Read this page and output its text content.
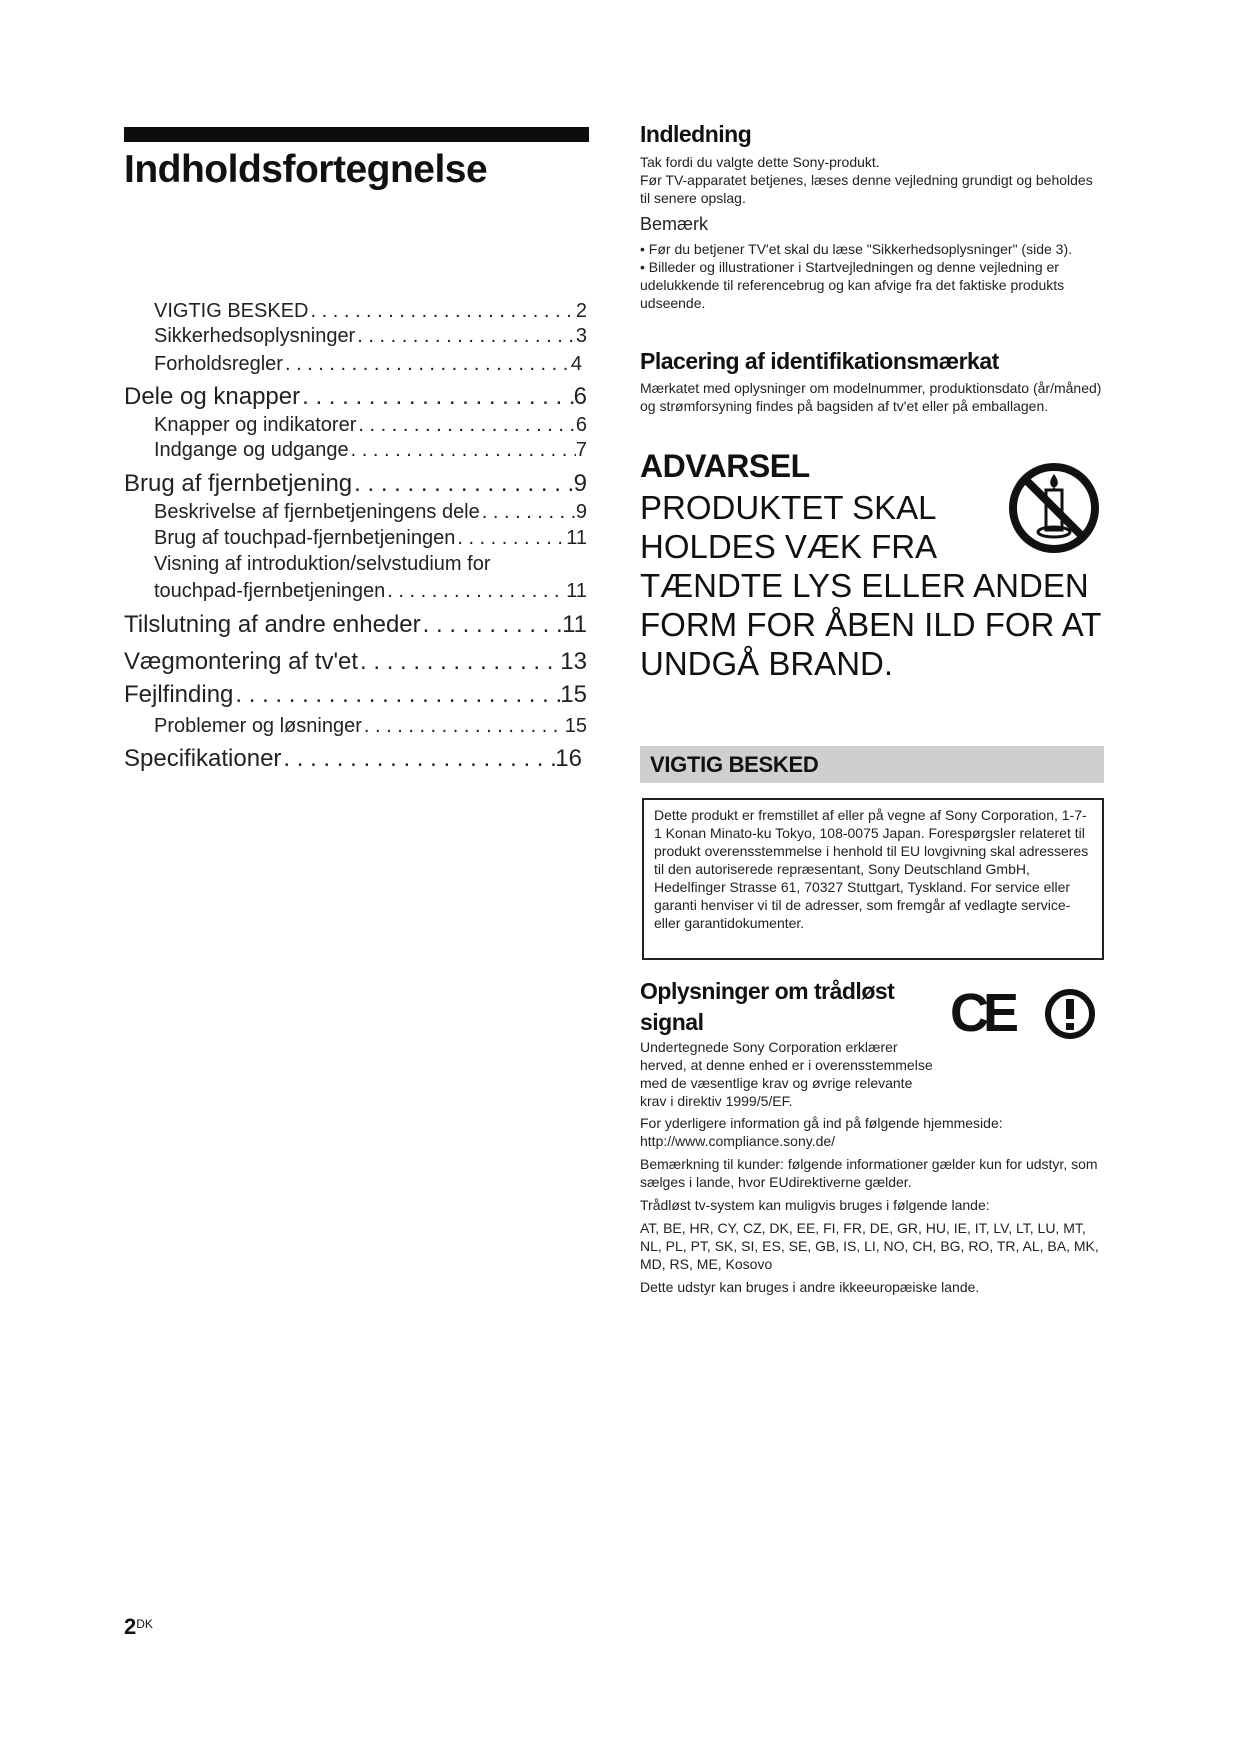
Indholdsfortegnelse
VIGTIG BESKED . . .	2
Sikkerhedsoplysninger . . .	3
Forholdsregler . . .	4
Dele og knapper . . .	6
Knapper og indikatorer . . .	6
Indgange og udgange . . .	7
Brug af fjernbetjening . . .	9
Beskrivelse af fjernbetjeningens dele . . .	9
Brug af touchpad-fjernbetjeningen . . .	11
Visning af introduktion/selvstudium for
touchpad-fjernbetjeningen . . .	11
Tilslutning af andre enheder . . .	11
Vægmontering af tv'et . . .	13
Fejlfinding . . .	15
Problemer og løsninger . . .	15
Specifikationer . . .	16
Indledning
Tak fordi du valgte dette Sony-produkt.
Før TV-apparatet betjenes, læses denne vejledning grundigt og beholdes til senere opslag.
Bemærk
• Før du betjener TV'et skal du læse "Sikkerhedsoplysninger" (side 3).
• Billeder og illustrationer i Startvejledningen og denne vejledning er udelukkende til referencebrug og kan afvige fra det faktiske produkts udseende.
Placering af identifikationsmærkat
Mærkatet med oplysninger om modelnummer, produktionsdato (år/måned) og strømforsyning findes på bagsiden af tv'et eller på emballagen.
ADVARSEL
PRODUKTET SKAL
HOLDES VÆK FRA
TÆNDTE LYS ELLER ANDEN
FORM FOR ÅBEN ILD FOR AT
UNDGÅ BRAND.
VIGTIG BESKED
Dette produkt er fremstillet af eller på vegne af Sony Corporation, 1-7-1 Konan Minato-ku Tokyo, 108-0075 Japan. Forespørgsler relateret til produkt overensstemmelse i henhold til EU lovgivning skal adresseres til den autoriserede repræsentant, Sony Deutschland GmbH, Hedelfinger Strasse 61, 70327 Stuttgart, Tyskland. For service eller garanti henviser vi til de adresser, som fremgår af vedlagte service- eller garantidokumenter.
Oplysninger om trådløst
signal	CE
Undertegnede Sony Corporation erklærer herved, at denne enhed er i overensstemmelse med de væsentlige krav og øvrige relevante krav i direktiv 1999/5/EF.
For yderligere information gå ind på følgende hjemmeside: http://www.compliance.sony.de/
Bemærkning til kunder: følgende informationer gælder kun for udstyr, som sælges i lande, hvor EUdirektiverne gælder.
Trådløst tv-system kan muligvis bruges i følgende lande:
AT, BE, HR, CY, CZ, DK, EE, FI, FR, DE, GR, HU, IE, IT, LV, LT, LU, MT, NL, PL, PT, SK, SI, ES, SE, GB, IS, LI, NO, CH, BG, RO, TR, AL, BA, MK, MD, RS, ME, Kosovo
Dette udstyr kan bruges i andre ikkeeuropæiske lande.
$2^{DK}$
